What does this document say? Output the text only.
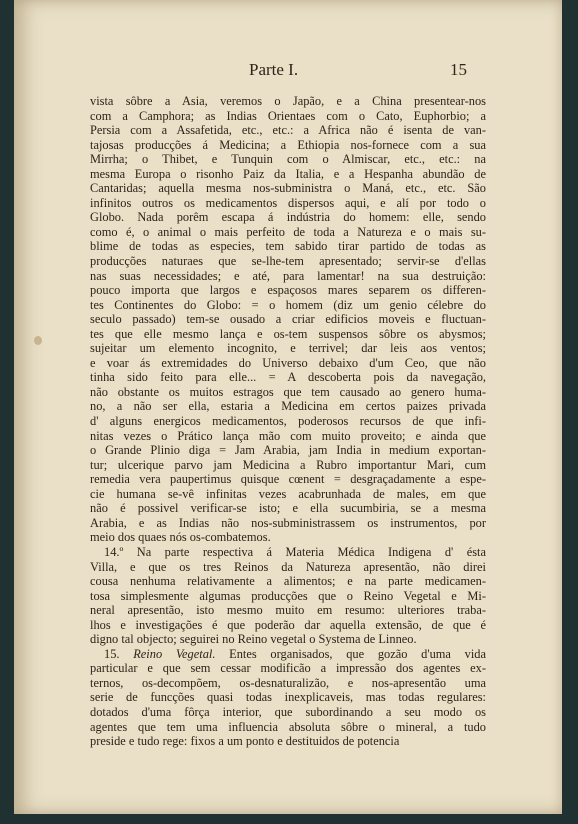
Parte I.	15
vista sôbre a Asia, veremos o Japão, e a China presentear-nos
com a Camphora; as Indias Orientaes com o Cato, Euphorbio; a
Persia com a Assafetida, etc., etc.: a Africa não é isenta de van-
tajosas producções á Medicina; a Ethiopia nos-fornece com a sua
Mirrha; o Thibet, e Tunquin com o Almiscar, etc., etc.: na
mesma Europa o risonho Paiz da Italia, e a Hespanha abundão de
Cantaridas; aquella mesma nos-subministra o Maná, etc., etc. São
infinitos outros os medicamentos dispersos aqui, e alí por todo o
Globo. Nada porêm escapa á indústria do homem: elle, sendo
como é, o animal o mais perfeito de toda a Natureza e o mais su-
blime de todas as especies, tem sabido tirar partido de todas as
producções naturaes que se-lhe-tem apresentado; servir-se d'ellas
nas suas necessidades; e até, para lamentar! na sua destruição:
pouco importa que largos e espaçosos mares separem os differen-
tes Continentes do Globo: = o homem (diz um genio célebre do
seculo passado) tem-se ousado a criar edificios moveis e fluctuan-
tes que elle mesmo lança e os-tem suspensos sôbre os abysmos;
sujeitar um elemento incognito, e terrivel; dar leis aos ventos;
e voar ás extremidades do Universo debaixo d'um Ceo, que não
tinha sido feito para elle... = A descoberta pois da navegação,
não obstante os muitos estragos que tem causado ao genero huma-
no, a não ser ella, estaria a Medicina em certos paizes privada
d' alguns energicos medicamentos, poderosos recursos de que infi-
nitas vezes o Prático lança mão com muito proveito; e ainda que
o Grande Plinio diga = Jam Arabia, jam India in medium exportan-
tur; ulcerique parvo jam Medicina a Rubro importantur Mari, cum
remedia vera paupertimus quisque cœnent = desgraçadamente a espe-
cie humana se-vê infinitas vezes acabrunhada de males, em que
não é possivel verificar-se isto; e ella sucumbiria, se a mesma
Arabia, e as Indias não nos-subministrassem os instrumentos, por
meio dos quaes nós os-combatemos.
14.º Na parte respectiva á Materia Médica Indigena d' ésta
Villa, e que os tres Reinos da Natureza apresentão, não direi
cousa nenhuma relativamente a alimentos; e na parte medicamen-
tosa simplesmente algumas producções que o Reino Vegetal e Mi-
neral apresentão, isto mesmo muito em resumo: ulteriores traba-
lhos e investigações é que poderão dar aquella extensão, de que é
digno tal objecto; seguirei no Reino vegetal o Systema de Linneo.
15. Reino Vegetal. Entes organisados, que gozão d'uma vida
particular e que sem cessar modificão a impressão dos agentes ex-
ternos, os-decompõem, os-desnaturalizão, e nos-apresentão uma
serie de funcções quasi todas inexplicaveis, mas todas regulares:
dotados d'uma fôrça interior, que subordinando a seu modo os
agentes que tem uma influencia absoluta sôbre o mineral, a tudo
preside e tudo rege: fixos a um ponto e destituidos de potencia
